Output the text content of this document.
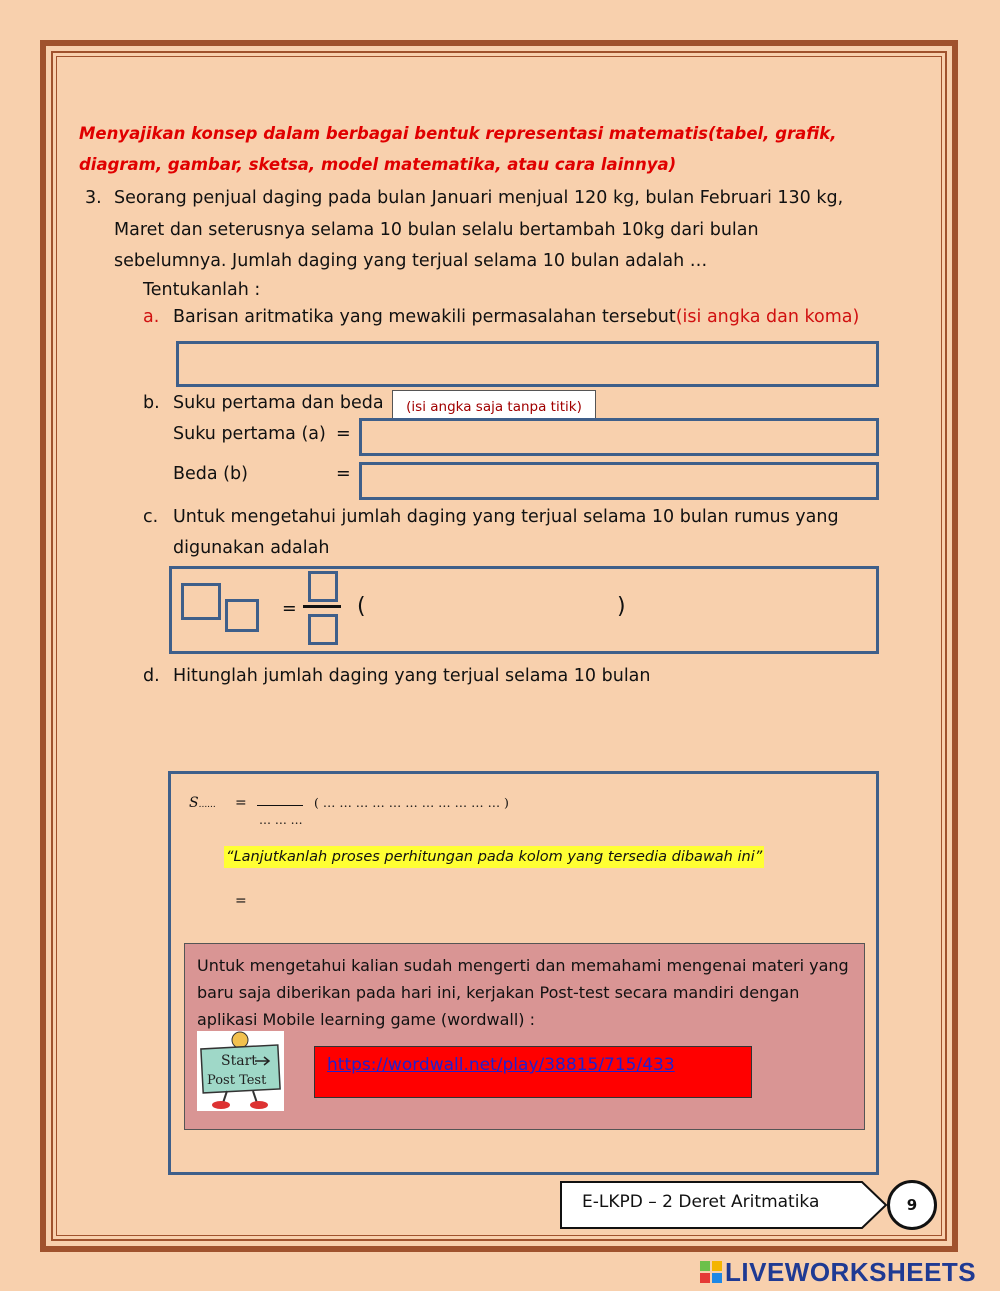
Menyajikan konsep dalam berbagai bentuk representasi matematis(tabel, grafik, diagram, gambar, sketsa, model matematika, atau cara lainnya)
3. Seorang penjual daging pada bulan Januari menjual 120 kg, bulan Februari 130 kg, Maret dan seterusnya selama 10 bulan selalu bertambah 10kg dari bulan sebelumnya. Jumlah daging yang terjual selama 10 bulan adalah …
Tentukanlah :
a. Barisan aritmatika yang mewakili permasalahan tersebut(isi angka dan koma)
b. Suku pertama dan beda	(isi angka saja tanpa titik)
Suku pertama (a) =
Beda (b)	=
c. Untuk mengetahui jumlah daging yang terjual selama 10 bulan rumus yang
digunakan adalah
=	(	)
d. Hitunglah jumlah daging yang terjual selama 10 bulan
S...... =
… … …
( … … … … … … … … … … … )
“Lanjutkanlah proses perhitungan pada kolom yang tersedia dibawah ini”
=
Untuk mengetahui kalian sudah mengerti dan memahami mengenai materi yang baru saja diberikan pada hari ini, kerjakan Post-test secara mandiri dengan aplikasi Mobile learning game (wordwall) :
Start
Post Test
https://wordwall.net/play/38815/715/433
E-LKPD – 2 Deret Aritmatika	9
LIVEWORKSHEETS
